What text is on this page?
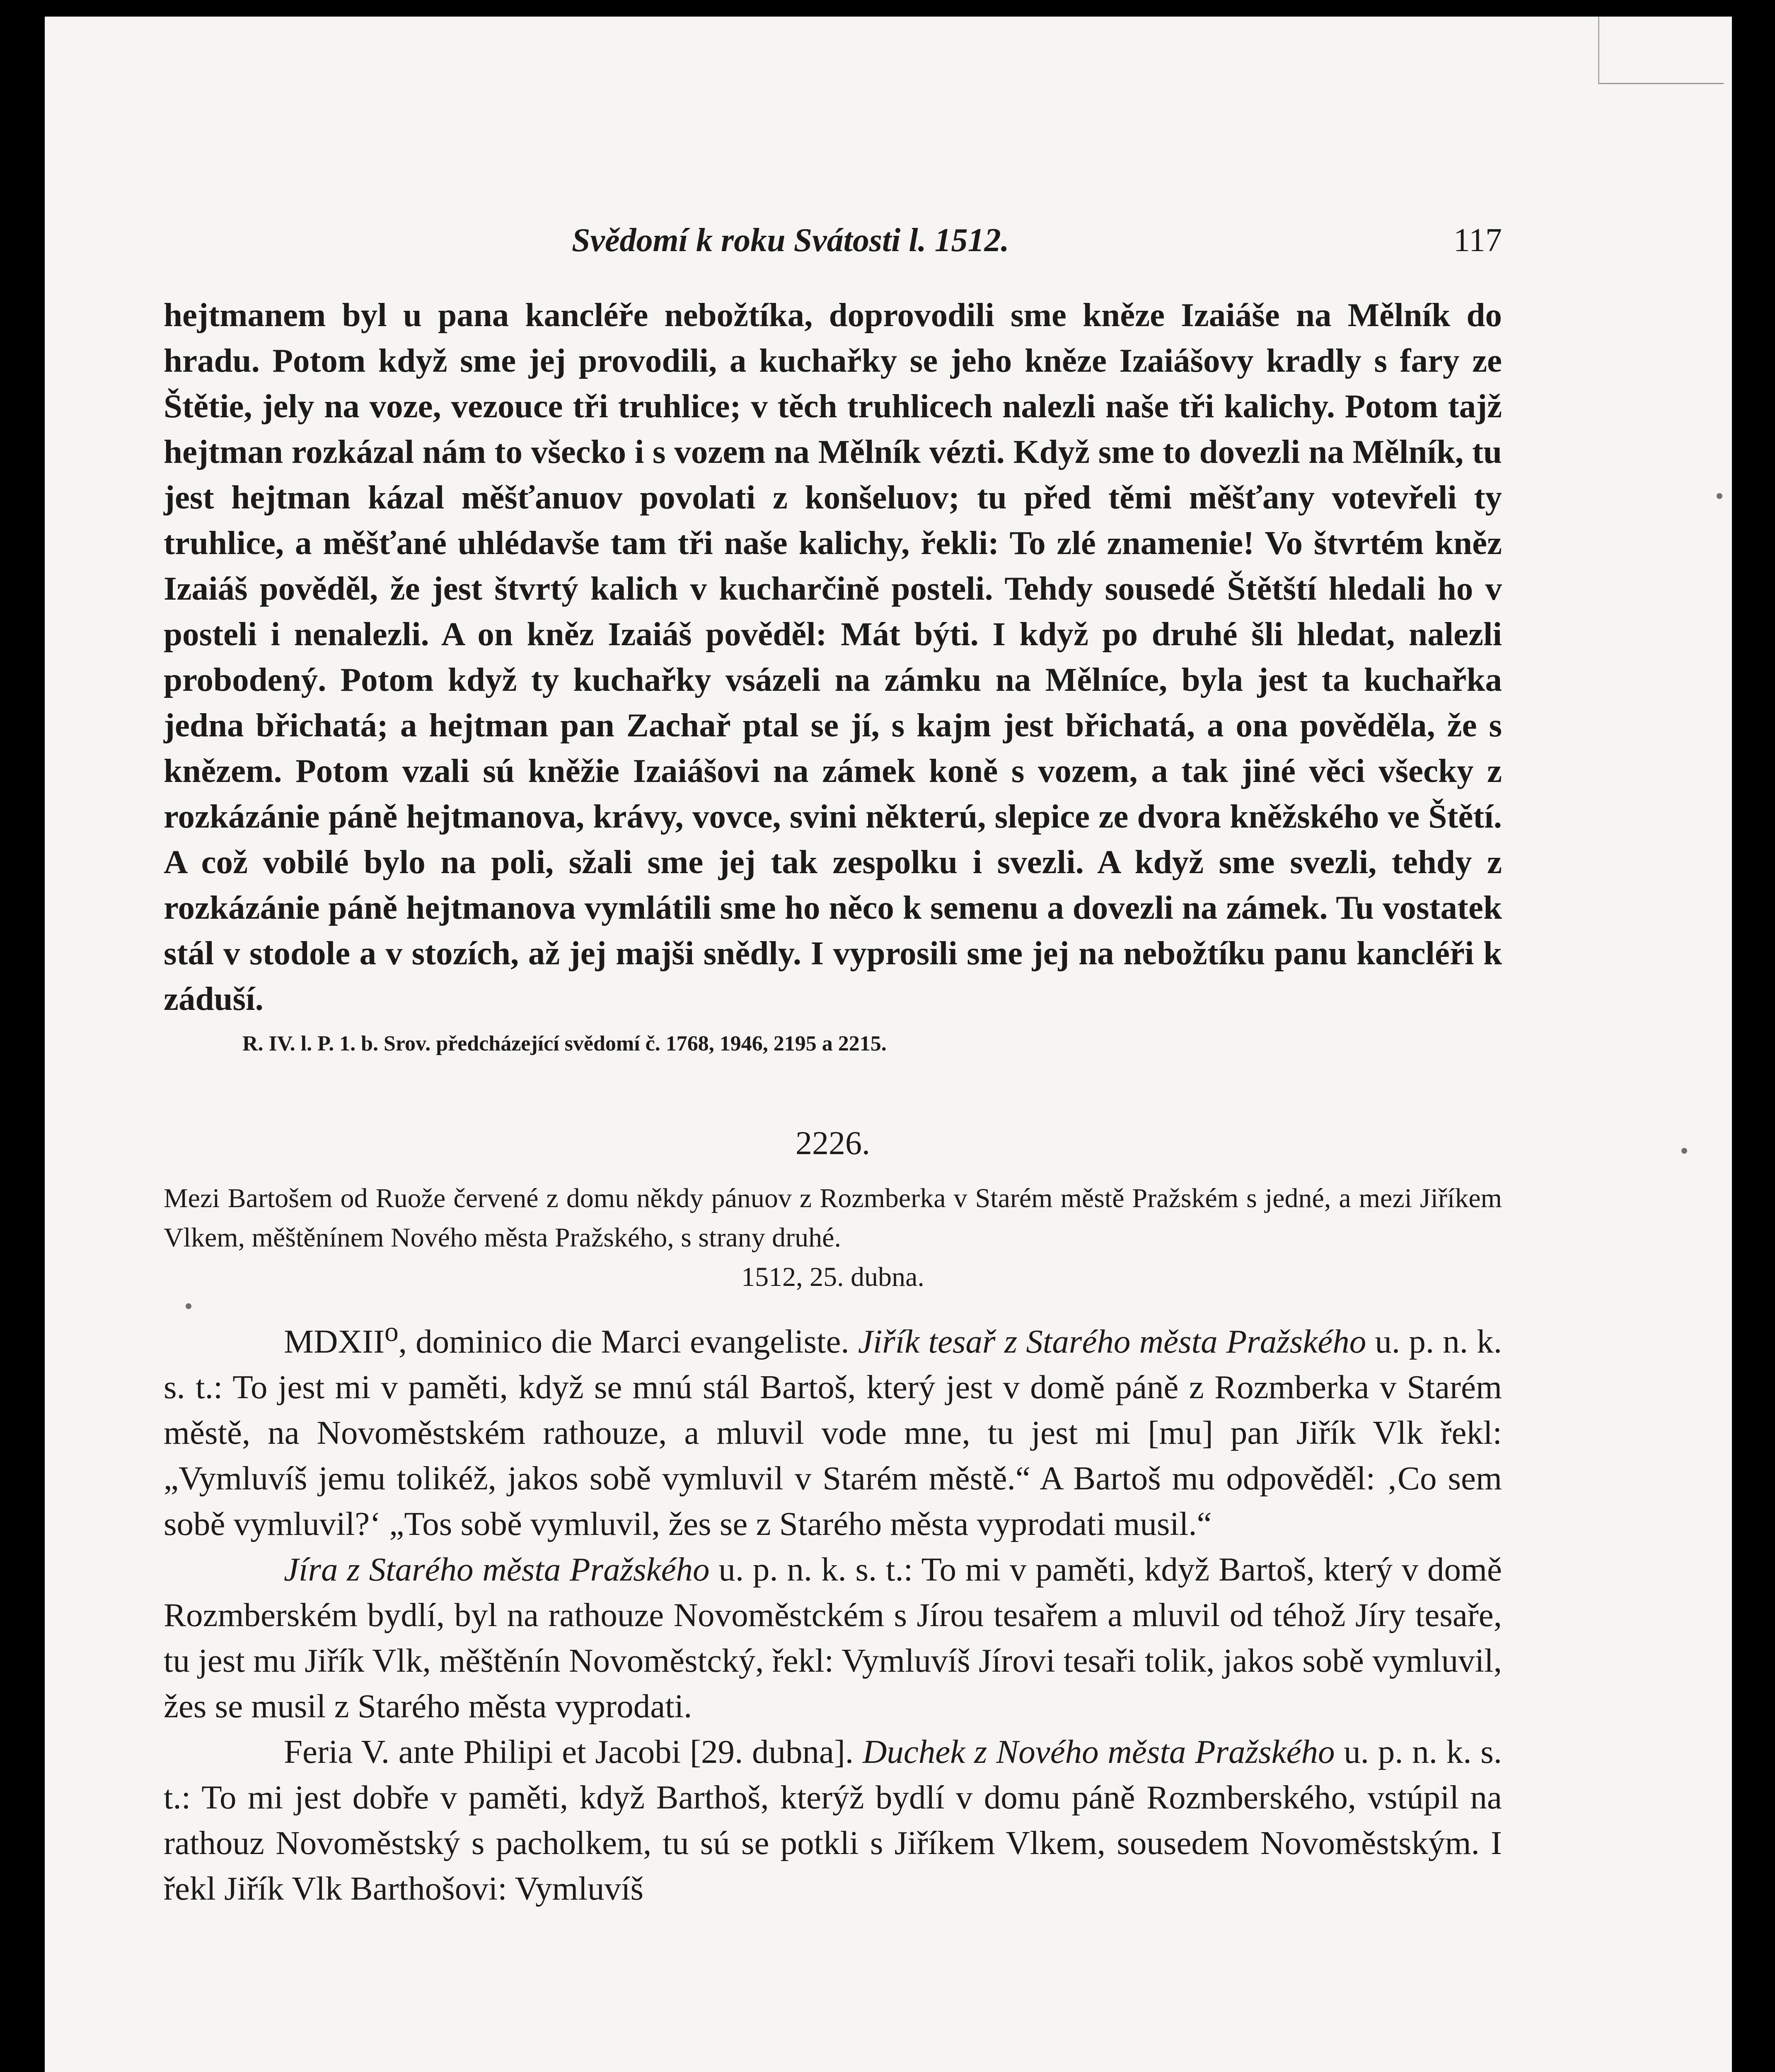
Svědomí k roku Svátosti l. 1512.	117

hejtmanem byl u pana kancléře nebožtíka, doprovodili sme kněze Izaiáše na Mělník do hradu. Potom když sme jej provodili, a kuchařky se jeho kněze Izaiášovy kradly s fary ze Štětie, jely na voze, vezouce tři truhlice; v těch truhlicech nalezli naše tři kalichy. Potom tajž hejtman rozkázal nám to všecko i s vozem na Mělník vézti. Když sme to dovezli na Mělník, tu jest hejtman kázal měšťanuov povolati z konšeluov; tu před těmi měšťany votevřeli ty truhlice, a měšťané uhlédavše tam tři naše kalichy, řekli: To zlé znamenie! Vo štvrtém kněz Izaiáš pověděl, že jest štvrtý kalich v kucharčině posteli. Tehdy sousedé Štětští hledali ho v posteli i nenalezli. A on kněz Izaiáš pověděl: Mát býti. I když po druhé šli hledat, nalezli probodený. Potom když ty kuchařky vsázeli na zámku na Mělníce, byla jest ta kuchařka jedna břichatá; a hejtman pan Zachař ptal se jí, s kajm jest břichatá, a ona pověděla, že s knězem. Potom vzali sú kněžie Izaiášovi na zámek koně s vozem, a tak jiné věci všecky z rozkázánie páně hejtmanova, krávy, vovce, svini některú, slepice ze dvora kněžského ve Štětí. A což vobilé bylo na poli, sžali sme jej tak zespolku i svezli. A když sme svezli, tehdy z rozkázánie páně hejtmanova vymlátili sme ho něco k semenu a dovezli na zámek. Tu vostatek stál v stodole a v stozích, až jej majši snědly. I vyprosili sme jej na nebožtíku panu kancléři k záduší.

R. IV. l. P. 1. b. Srov. předcházející svědomí č. 1768, 1946, 2195 a 2215.
2226.
Mezi Bartošem od Ruože červené z domu někdy pánuov z Rozmberka v Starém městě Pražském s jedné, a mezi Jiříkem Vlkem, měštěnínem Nového města Pražského, s strany druhé.
1512, 25. dubna.

MDXII$^o$, dominico die Marci evangeliste. Jiřík tesař z Starého města Pražského u. p. n. k. s. t.: To jest mi v paměti, když se mnú stál Bartoš, který jest v domě páně z Rozmberka v Starém městě, na Novoměstském rathouze, a mluvil vode mne, tu jest mi [mu] pan Jiřík Vlk řekl: „Vymluvíš jemu tolikéž, jakos sobě vymluvil v Starém městě.“ A Bartoš mu odpověděl: ‚Co sem sobě vymluvil?‘ „Tos sobě vymluvil, žes se z Starého města vyprodati musil.“

Jíra z Starého města Pražského u. p. n. k. s. t.: To mi v paměti, když Bartoš, který v domě Rozmberském bydlí, byl na rathouze Novoměstckém s Jírou tesařem a mluvil od téhož Jíry tesaře, tu jest mu Jiřík Vlk, měštěnín Novoměstcký, řekl: Vymluvíš Jírovi tesaři tolik, jakos sobě vymluvil, žes se musil z Starého města vyprodati.

Feria V. ante Philipi et Jacobi [29. dubna]. Duchek z Nového města Pražského u. p. n. k. s. t.: To mi jest dobře v paměti, když Barthoš, kterýž bydlí v domu páně Rozmberského, vstúpil na rathouz Novoměstský s pacholkem, tu sú se potkli s Jiříkem Vlkem, sousedem Novoměstským. I řekl Jiřík Vlk Barthošovi: Vymluvíš
